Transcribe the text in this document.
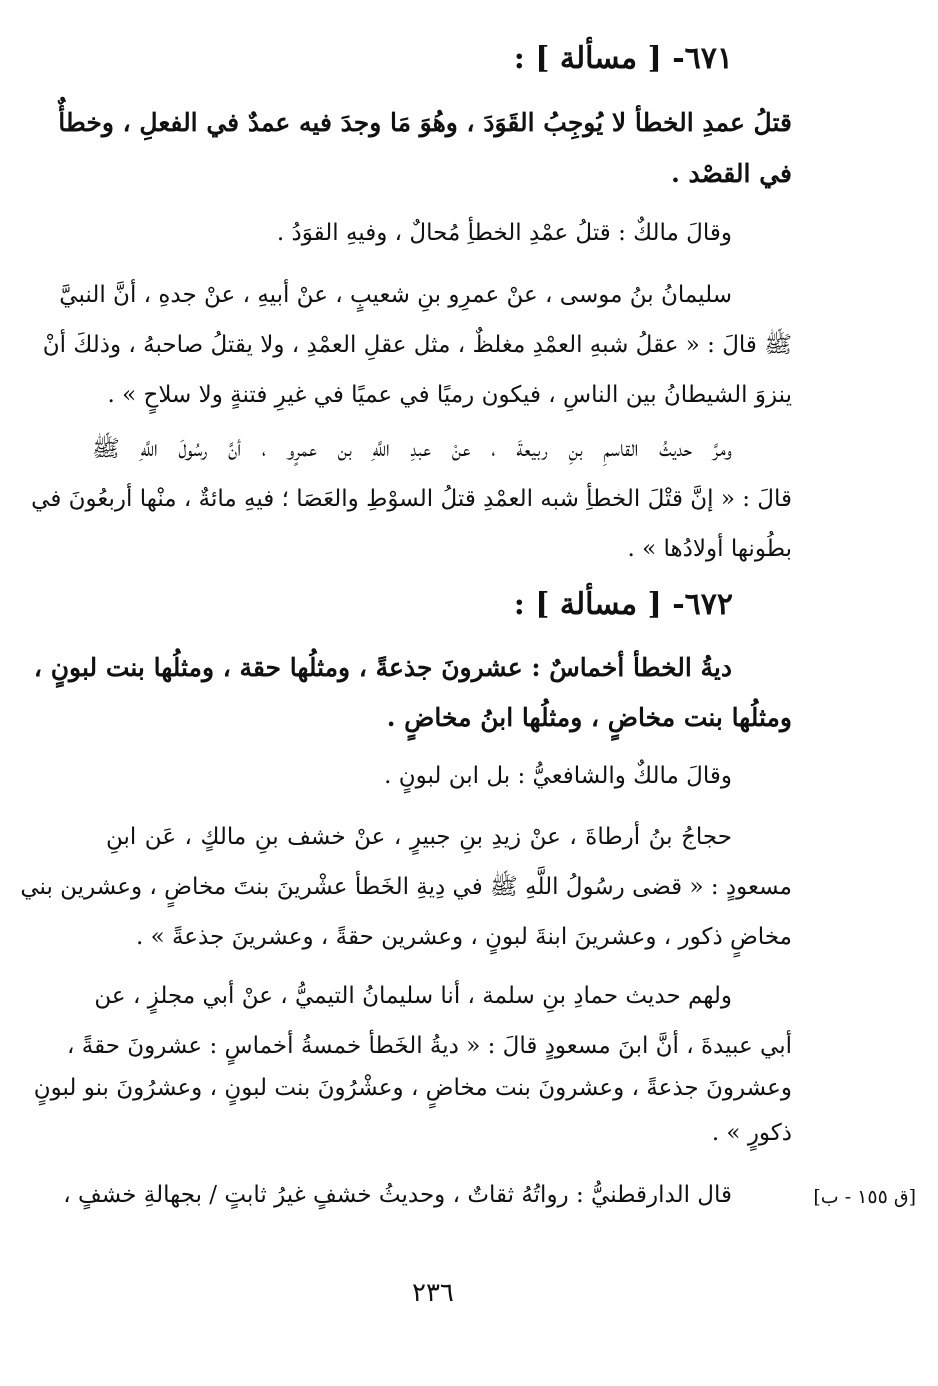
٦٧١- [ مسألة ] :
قتلُ عمدِ الخطأ لا يُوجِبُ القَوَدَ ، وهُوَ مَا وجدَ فيه عمدٌ في الفعلِ ، وخطأٌ
في القصْد .
وقالَ مالكٌ : قتلُ عمْدِ الخطأِ مُحالٌ ، وفيهِ القوَدُ .
سليمانُ بنُ موسى ، عنْ عمرِو بنِ شعيبٍ ، عنْ أبيهِ ، عنْ جدهِ ، أنَّ النبيَّ
ﷺ قالَ : « عقلُ شبهِ العمْدِ مغلظٌ ، مثل عقلِ العمْدِ ، ولا يقتلُ صاحبهُ ، وذلكَ أنْ
ينزوَ الشيطانُ بين الناسِ ، فيكون رميًا في عميًا في غيرِ فتنةٍ ولا سلاحٍ » .
ومرَّ حديثُ القاسمِ بنِ ربيعةَ ، عنْ عبدِ اللَّهِ بن عمرٍو ، أنَّ رسُولَ اللَّهِ ﷺ
قالَ : « إنَّ قتْلَ الخطأِ شبه العمْدِ قتلُ السوْطِ والعَصَا ؛ فيهِ مائةٌ ، منْها أربعُونَ في
بطُونها أولادُها » .
٦٧٢- [ مسألة ] :
ديةُ الخطأ أخماسٌ : عشرونَ جذعةً ، ومثلُها حقة ، ومثلُها بنت لبونٍ ،
ومثلُها بنت مخاضٍ ، ومثلُها ابنُ مخاضٍ .
وقالَ مالكٌ والشافعيُّ : بل ابن لبونٍ .
حجاجُ بنُ أرطاةَ ، عنْ زيدِ بنِ جبيرٍ ، عنْ خشف بنِ مالكٍ ، عَن ابنِ
مسعودٍ : « قضى رسُولُ اللَّهِ ﷺ في دِيةِ الخَطأ عشْرينَ بنتَ مخاضٍ ، وعشرين بني
مخاضٍ ذكور ، وعشرينَ ابنةَ لبونٍ ، وعشرين حقةً ، وعشرينَ جذعةً » .
ولهم حديث حمادِ بنِ سلمة ، أنا سليمانُ التيميُّ ، عنْ أبي مجلزٍ ، عن
أبي عبيدةَ ، أنَّ ابنَ مسعودٍ قالَ : « ديةُ الخَطأ خمسةُ أخماسٍ : عشرونَ حقةً ،
وعشرونَ جذعةً ، وعشرونَ بنت مخاضٍ ، وعشْرُونَ بنت لبونٍ ، وعشرُونَ بنو لبونٍ
ذكورٍ » .
قال الدارقطنيُّ : رواتُهُ ثقاتٌ ، وحديثُ خشفٍ غيرُ ثابتٍ / بجهالةِ خشفٍ ،	[ق ١٥٥ - ب]
٢٣٦
